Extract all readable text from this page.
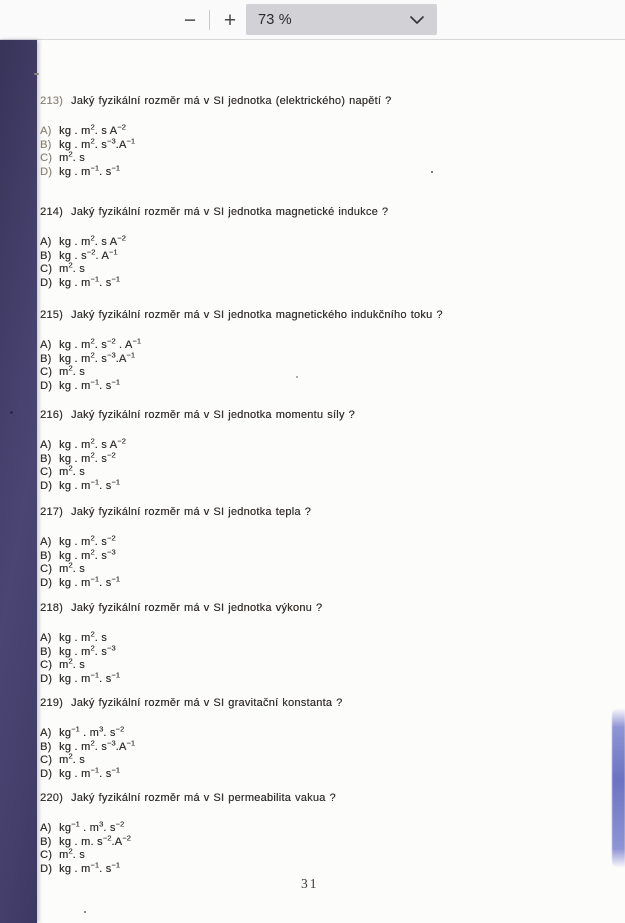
−	+	73 %
213) Jaký fyzikální rozměr má v SI jednotka (elektrického) napětí ?
A) kg . $m^2$. s $A^{-2}$
B) kg . $m^2$. $s^{-3}.A^{-1}$
C) $m^2$. s
D) kg . $m^{-1}$. $s^{-1}$
214) Jaký fyzikální rozměr má v SI jednotka magnetické indukce ?
A) kg . $m^2$. s $A^{-2}$
B) kg . $s^{-2}$. $A^{-1}$
C) $m^2$. s
D) kg . $m^{-1}$. $s^{-1}$
215) Jaký fyzikální rozměr má v SI jednotka magnetického indukčního toku ?
A) kg . $m^2$. $s^{-2}$ . $A^{-1}$
B) kg . $m^2$. $s^{-3}.A^{-1}$
C) $m^2$. s
D) kg . $m^{-1}$. $s^{-1}$
216) Jaký fyzikální rozměr má v SI jednotka momentu síly ?
A) kg . $m^2$. s $A^{-2}$
B) kg . $m^2$. $s^{-2}$
C) $m^2$. s
D) kg . $m^{-1}$. $s^{-1}$
217) Jaký fyzikální rozměr má v SI jednotka tepla ?
A) kg . $m^2$. $s^{-2}$
B) kg . $m^2$. $s^{-3}$
C) $m^2$. s
D) kg . $m^{-1}$. $s^{-1}$
218) Jaký fyzikální rozměr má v SI jednotka výkonu ?
A) kg . $m^2$. s
B) kg . $m^2$. $s^{-3}$
C) $m^2$. s
D) kg . $m^{-1}$. $s^{-1}$
219) Jaký fyzikální rozměr má v SI gravitační konstanta ?
A) $kg^{-1}$ . $m^3$. $s^{-2}$
B) kg . $m^2$. $s^{-3}.A^{-1}$
C) $m^2$. s
D) kg . $m^{-1}$. $s^{-1}$
220) Jaký fyzikální rozměr má v SI permeabilita vakua ?
A) $kg^{-1}$ . $m^3$. $s^{-2}$
B) kg . m. $s^{-2}.A^{-2}$
C) $m^2$. s
D) kg . $m^{-1}$. $s^{-1}$
31
